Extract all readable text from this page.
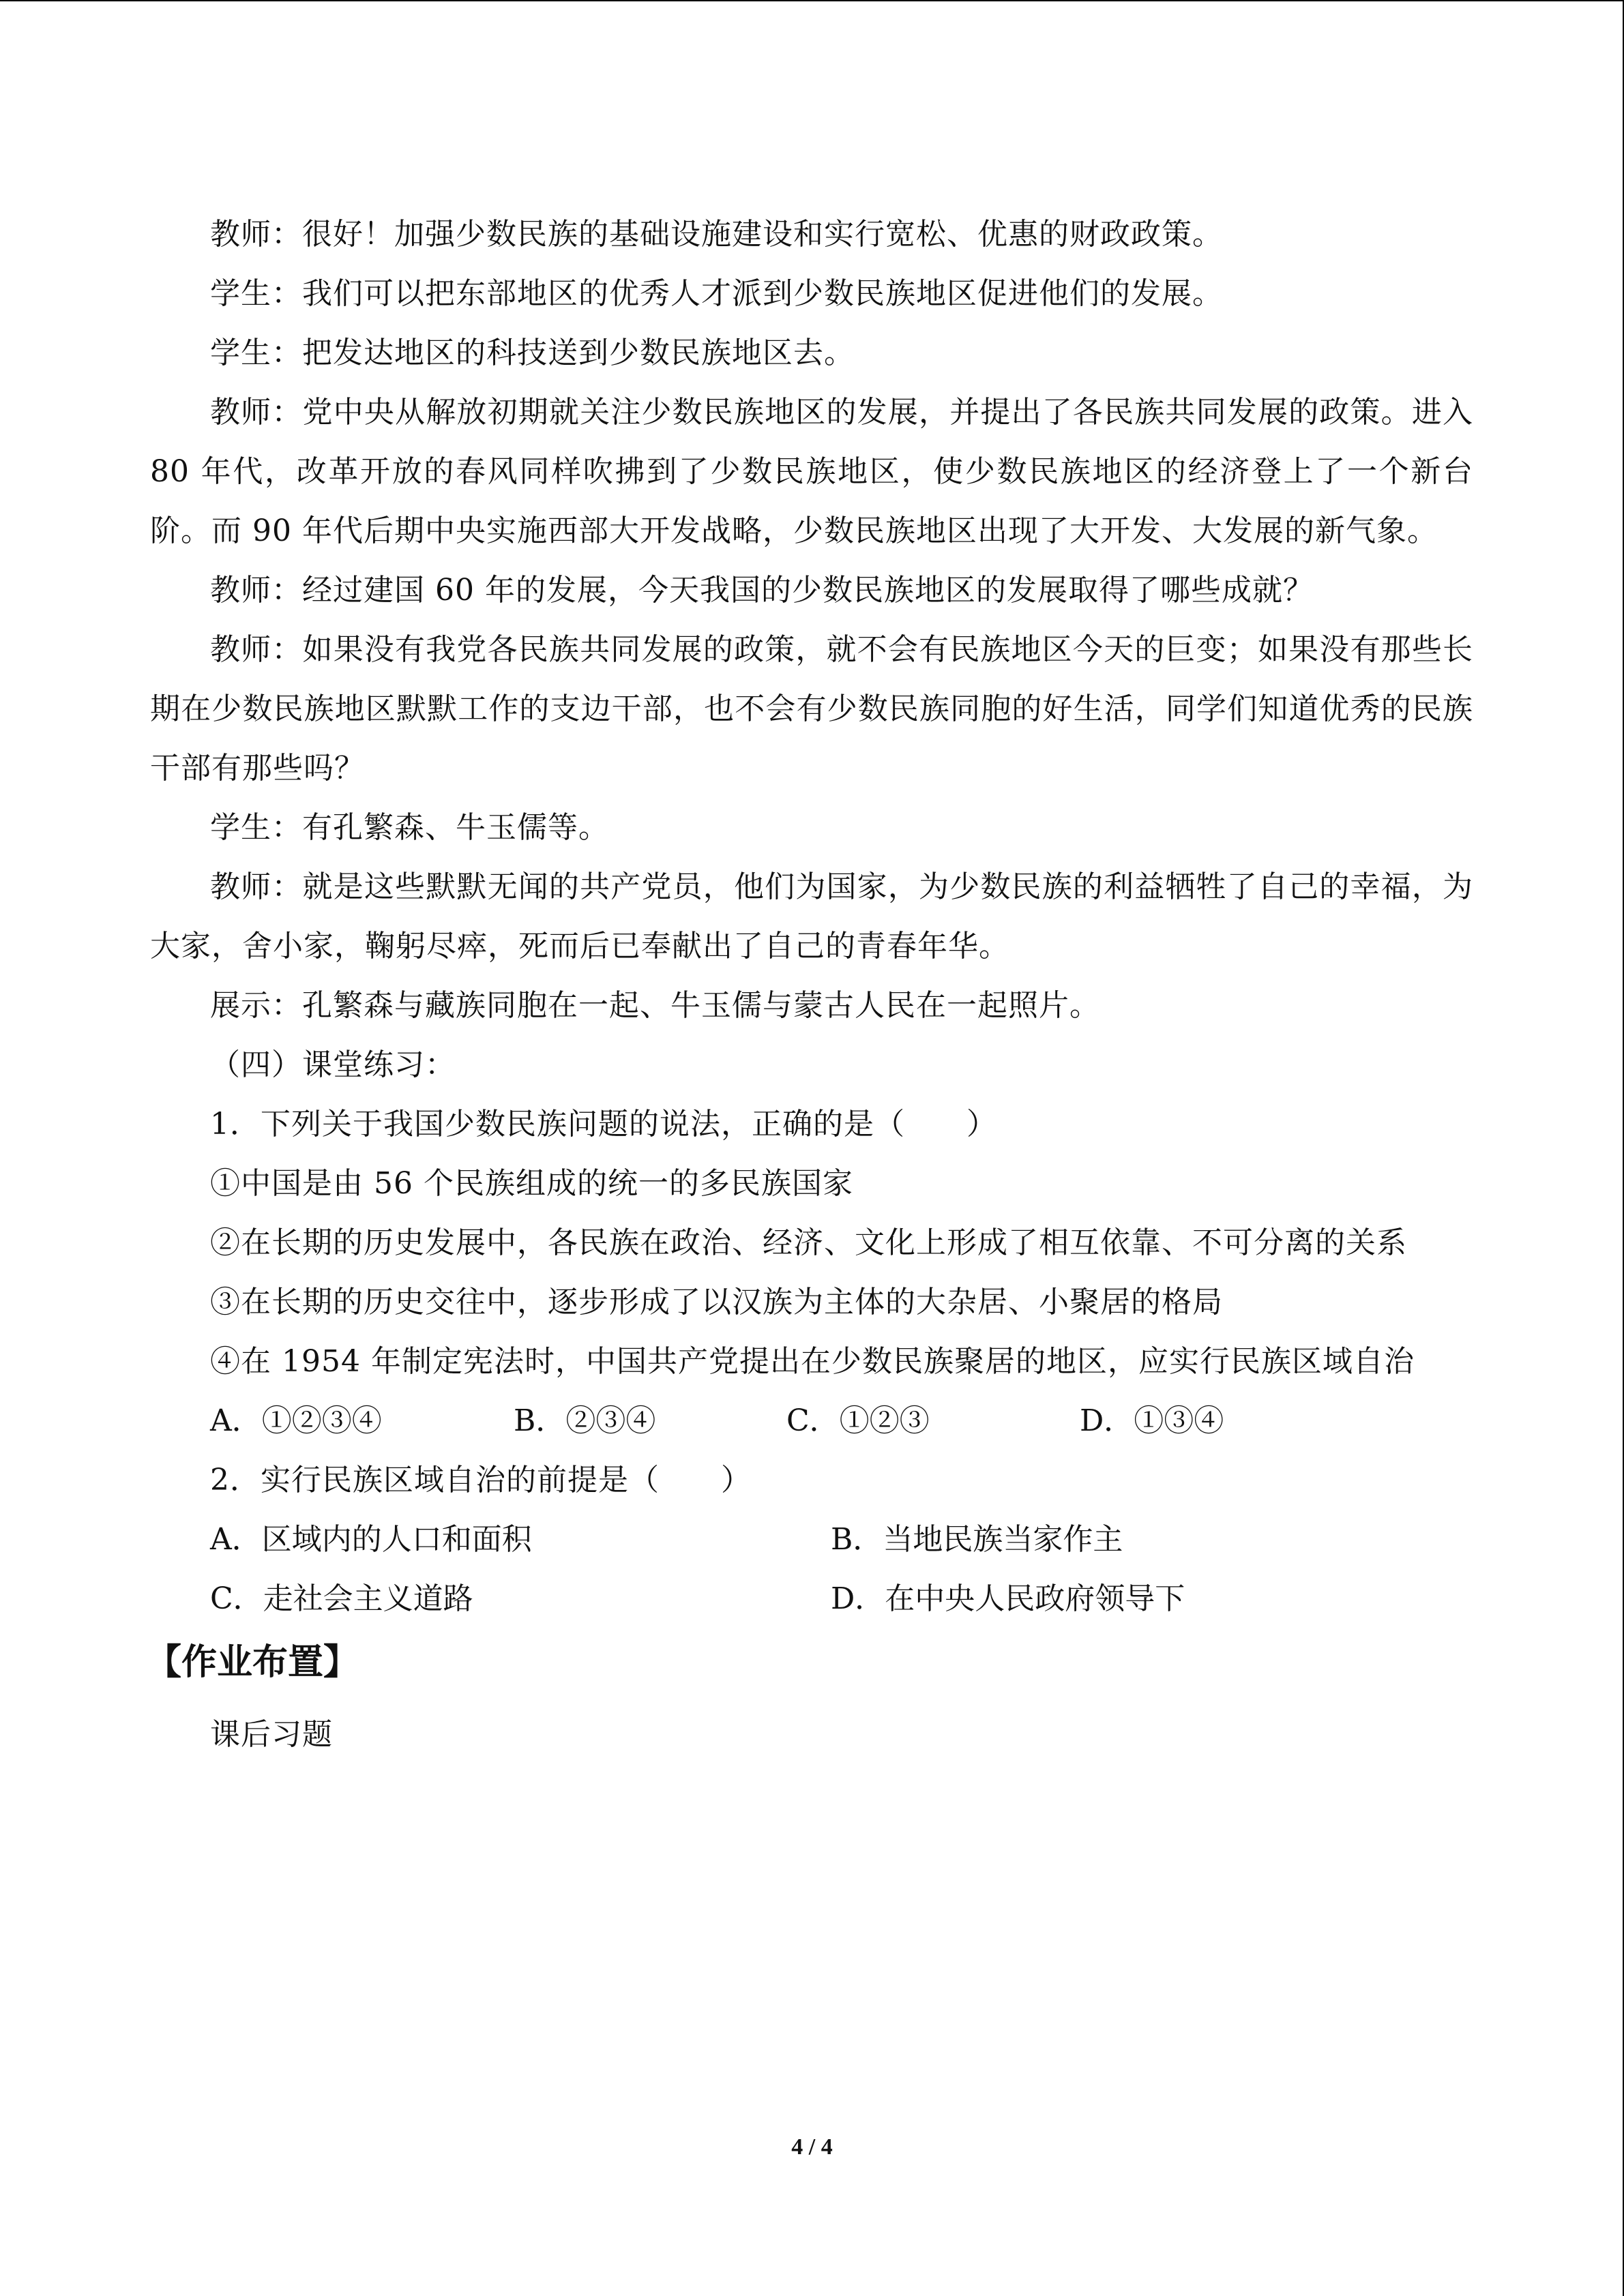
教师：很好！加强少数民族的基础设施建设和实行宽松、优惠的财政政策。

学生：我们可以把东部地区的优秀人才派到少数民族地区促进他们的发展。

学生：把发达地区的科技送到少数民族地区去。

教师：党中央从解放初期就关注少数民族地区的发展，并提出了各民族共同发展的政策。进入 80 年代，改革开放的春风同样吹拂到了少数民族地区，使少数民族地区的经济登上了一个新台阶。而 90 年代后期中央实施西部大开发战略，少数民族地区出现了大开发、大发展的新气象。

教师：经过建国 60 年的发展，今天我国的少数民族地区的发展取得了哪些成就？

教师：如果没有我党各民族共同发展的政策，就不会有民族地区今天的巨变；如果没有那些长期在少数民族地区默默工作的支边干部，也不会有少数民族同胞的好生活，同学们知道优秀的民族干部有那些吗？

学生：有孔繁森、牛玉儒等。

教师：就是这些默默无闻的共产党员，他们为国家，为少数民族的利益牺牲了自己的幸福，为大家，舍小家，鞠躬尽瘁，死而后已奉献出了自己的青春年华。

展示：孔繁森与藏族同胞在一起、牛玉儒与蒙古人民在一起照片。

（四）课堂练习：

1．下列关于我国少数民族问题的说法，正确的是（　　）

①中国是由 56 个民族组成的统一的多民族国家

②在长期的历史发展中，各民族在政治、经济、文化上形成了相互依靠、不可分离的关系

③在长期的历史交往中，逐步形成了以汉族为主体的大杂居、小聚居的格局

④在 1954 年制定宪法时，中国共产党提出在少数民族聚居的地区，应实行民族区域自治

A．①②③④	B．②③④	C．①②③	D．①③④

2．实行民族区域自治的前提是（　　）

A．区域内的人口和面积	B．当地民族当家作主
C．走社会主义道路	D．在中央人民政府领导下
【作业布置】

课后习题

4 / 4
